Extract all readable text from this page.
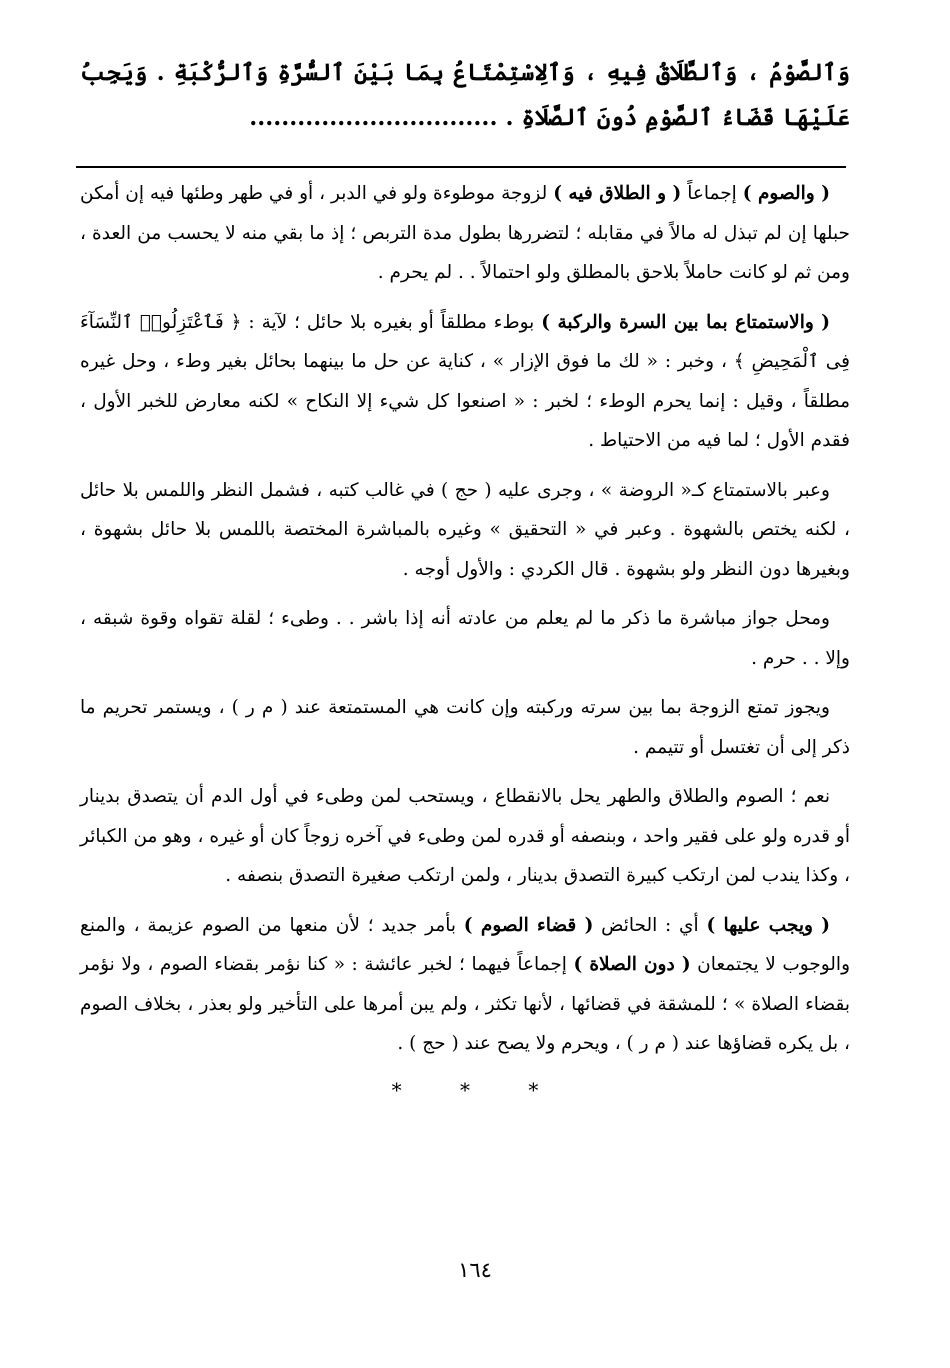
وَٱلصَّوْمُ ، وَٱلطَّلَاقُ فِيهِ ، وَٱلِاسْتِمْتَاعُ بِمَا بَيْنَ ٱلسُّرَّةِ وَٱلرُّكْبَةِ . وَيَجِبُ عَلَيْهَا قَضَاءُ ٱلصَّوْمِ دُونَ ٱلصَّلَاةِ . ...............................

( والصوم ) إجماعاً ( و الطلاق فيه ) لزوجة موطوءة ولو في الدبر ، أو في طهر وطئها فيه إن أمكن حبلها إن لم تبذل له مالاً في مقابله ؛ لتضررها بطول مدة التربص ؛ إذ ما بقي منه لا يحسب من العدة ، ومن ثم لو كانت حاملاً بلاحق بالمطلق ولو احتمالاً . . لم يحرم .

( والاستمتاع بما بين السرة والركبة ) بوطء مطلقاً أو بغيره بلا حائل ؛ لآية : ﴿ فَٱعْتَزِلُوا۟ ٱلنِّسَآءَ فِى ٱلْمَحِيضِ ﴾ ، وخبر : « لك ما فوق الإزار » ، كناية عن حل ما بينهما بحائل بغير وطء ، وحل غيره مطلقاً ، وقيل : إنما يحرم الوطء ؛ لخبر : « اصنعوا كل شيء إلا النكاح » لكنه معارض للخبر الأول ، فقدم الأول ؛ لما فيه من الاحتياط .

وعبر بالاستمتاع كـ« الروضة » ، وجرى عليه ( حج ) في غالب كتبه ، فشمل النظر واللمس بلا حائل ، لكنه يختص بالشهوة . وعبر في « التحقيق » وغيره بالمباشرة المختصة باللمس بلا حائل بشهوة ، وبغيرها دون النظر ولو بشهوة . قال الكردي : والأول أوجه .

ومحل جواز مباشرة ما ذكر ما لم يعلم من عادته أنه إذا باشر . . وطىء ؛ لقلة تقواه وقوة شبقه ، وإلا . . حرم .

ويجوز تمتع الزوجة بما بين سرته وركبته وإن كانت هي المستمتعة عند ( م ر ) ، ويستمر تحريم ما ذكر إلى أن تغتسل أو تتيمم .

نعم ؛ الصوم والطلاق والطهر يحل بالانقطاع ، ويستحب لمن وطىء في أول الدم أن يتصدق بدينار أو قدره ولو على فقير واحد ، وبنصفه أو قدره لمن وطىء في آخره زوجاً كان أو غيره ، وهو من الكبائر ، وكذا يندب لمن ارتكب كبيرة التصدق بدينار ، ولمن ارتكب صغيرة التصدق بنصفه .

( ويجب عليها ) أي : الحائض ( قضاء الصوم ) بأمر جديد ؛ لأن منعها من الصوم عزيمة ، والمنع والوجوب لا يجتمعان ( دون الصلاة ) إجماعاً فيهما ؛ لخبر عائشة : « كنا نؤمر بقضاء الصوم ، ولا نؤمر بقضاء الصلاة » ؛ للمشقة في قضائها ، لأنها تكثر ، ولم يبن أمرها على التأخير ولو بعذر ، بخلاف الصوم ، بل يكره قضاؤها عند ( م ر ) ، ويحرم ولا يصح عند ( حج ) .

* * *
١٦٤
